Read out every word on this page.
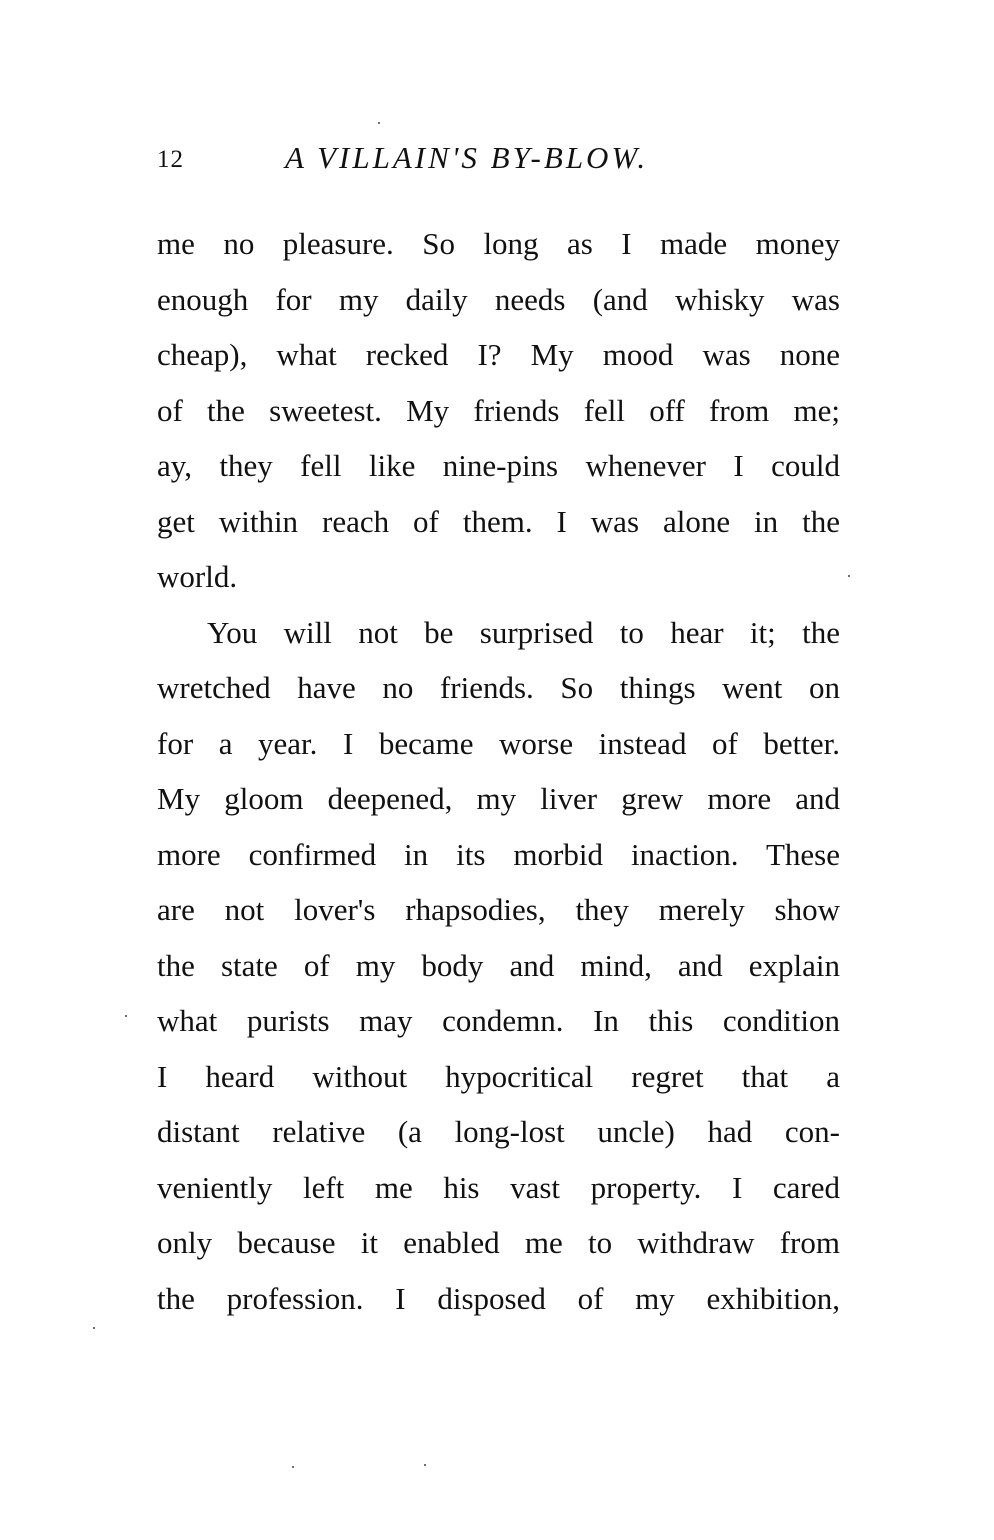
12	A VILLAIN'S BY-BLOW.
me no pleasure. So long as I made money
enough for my daily needs (and whisky was
cheap), what recked I? My mood was none
of the sweetest. My friends fell off from me;
ay, they fell like nine-pins whenever I could
get within reach of them. I was alone in the
world.
You will not be surprised to hear it; the
wretched have no friends. So things went on
for a year. I became worse instead of better.
My gloom deepened, my liver grew more and
more confirmed in its morbid inaction. These
are not lover's rhapsodies, they merely show
the state of my body and mind, and explain
what purists may condemn. In this condition
I heard without hypocritical regret that a
distant relative (a long-lost uncle) had con-
veniently left me his vast property. I cared
only because it enabled me to withdraw from
the profession. I disposed of my exhibition,
